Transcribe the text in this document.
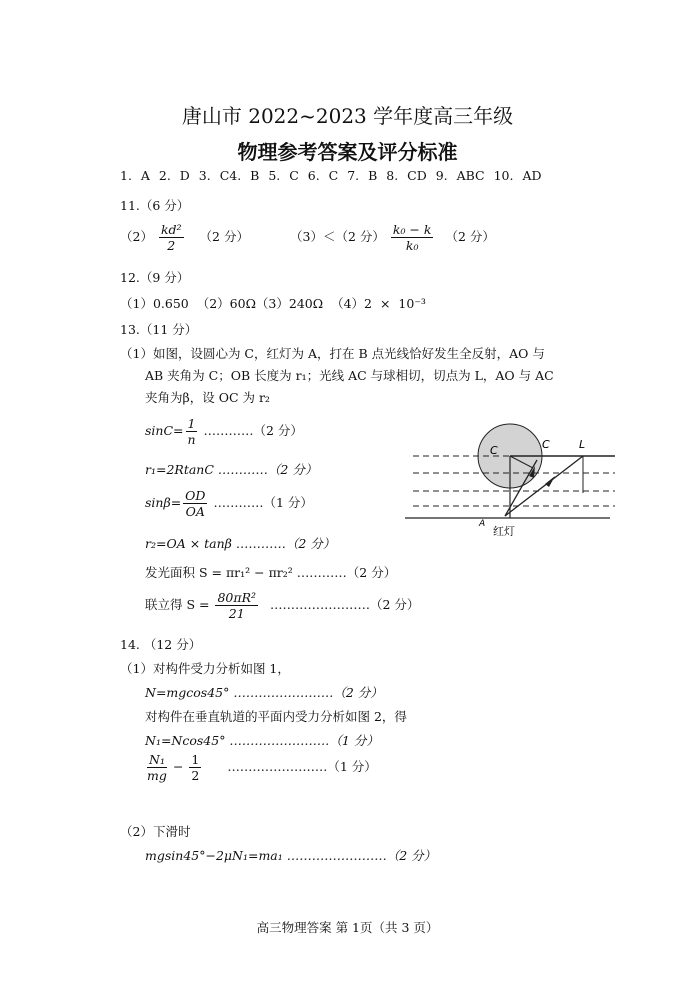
唐山市 2022~2023 学年度高三年级
物理参考答案及评分标准
1. A 2. D 3. C4. B 5. C 6. C 7. B 8. CD 9. ABC 10. AD
11.（6 分）
$(2) \frac{\text{kd²}}{2} (2$ 分）	（3）＜（2 分） $\frac{\text{k₀ − k}}{\text{k₀}} (2$ 分）
12.（9 分）
（1）0.650 （2）60Ω（3）240Ω （4）2 × 10⁻³
13.（11 分）
（1）如图，设圆心为 C，红灯为 A，打在 B 点光线恰好发生全反射，AO 与
AB 夹角为 C；OB 长度为 r₁；光线 AC 与球相切，切点为 L，AO 与 AC
夹角为β，设 OC 为 r₂
$\sin C= \frac{1}{n}$ …………（2 分）
r₁=2RtanC …………（2 分）
$\sin\beta= \frac{OD}{OA}$ …………（1 分）
r₂=OA × tanβ …………（2 分）
发光面积 S = πr₁² − πr₂² …………（2 分）
联立得 $S = \frac{\text{80πR²}}{21}$ ……………………（2 分）
C	C	L
A
红灯
14. （12 分）
（1）对构件受力分析如图 1，
N=mgcos45° ……………………（2 分）
对构件在垂直轨道的平面内受力分析如图 2，得
N₁=Ncos45° ……………………（1 分）
$\frac{\text{N₁}}{mg} - \frac{1}{2}$ ……………………（1 分）
（2）下滑时
mgsin45°−2μN₁=ma₁ ……………………（2 分）
高三物理答案 第 1页（共 3 页）
